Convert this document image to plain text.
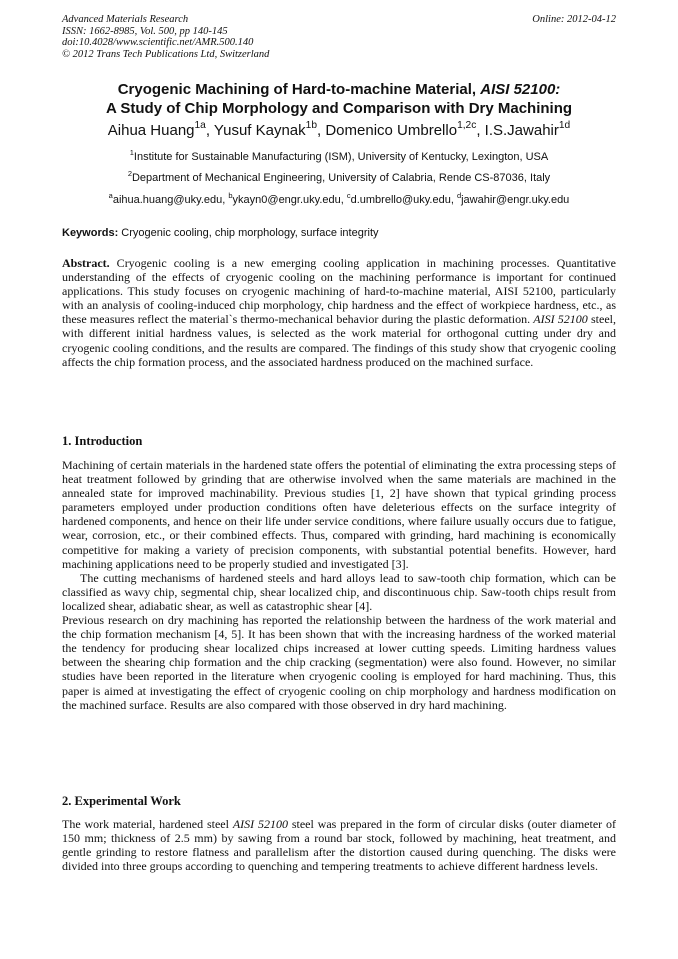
Advanced Materials Research
ISSN: 1662-8985, Vol. 500, pp 140-145
doi:10.4028/www.scientific.net/AMR.500.140
© 2012 Trans Tech Publications Ltd, Switzerland
Online: 2012-04-12
Cryogenic Machining of Hard-to-machine Material, AISI 52100:
A Study of Chip Morphology and Comparison with Dry Machining
Aihua Huang$^{1a}$, Yusuf Kaynak$^{1b}$, Domenico Umbrello$^{1,2c}$, I.S.Jawahir$^{1d}$
$^1$Institute for Sustainable Manufacturing (ISM), University of Kentucky, Lexington, USA
$^2$Department of Mechanical Engineering, University of Calabria, Rende CS-87036, Italy
$^a$aihua.huang@uky.edu, $^b$ykayn0@engr.uky.edu, $^c$d.umbrello@uky.edu, $^d$jawahir@engr.uky.edu
Keywords: Cryogenic cooling, chip morphology, surface integrity

Abstract. Cryogenic cooling is a new emerging cooling application in machining processes. Quantitative understanding of the effects of cryogenic cooling on the machining performance is important for continued applications. This study focuses on cryogenic machining of hard-to-machine material, AISI 52100, particularly with an analysis of cooling-induced chip morphology, chip hardness and the effect of workpiece hardness, etc., as these measures reflect the material`s thermo-mechanical behavior during the plastic deformation. AISI 52100 steel, with different initial hardness values, is selected as the work material for orthogonal cutting under dry and cryogenic cooling conditions, and the results are compared. The findings of this study show that cryogenic cooling affects the chip formation process, and the associated hardness produced on the machined surface.

1. Introduction

Machining of certain materials in the hardened state offers the potential of eliminating the extra processing steps of heat treatment followed by grinding that are otherwise involved when the same materials are machined in the annealed state for improved machinability. Previous studies [1, 2] have shown that typical grinding process parameters employed under production conditions often have deleterious effects on the surface integrity of hardened components, and hence on their life under service conditions, where failure usually occurs due to fatigue, wear, corrosion, etc., or their combined effects. Thus, compared with grinding, hard machining is economically competitive for making a variety of precision components, with substantial potential benefits. However, hard machining applications need to be properly studied and investigated [3].

The cutting mechanisms of hardened steels and hard alloys lead to saw-tooth chip formation, which can be classified as wavy chip, segmental chip, shear localized chip, and discontinuous chip. Saw-tooth chips result from localized shear, adiabatic shear, as well as catastrophic shear [4].

Previous research on dry machining has reported the relationship between the hardness of the work material and the chip formation mechanism [4, 5]. It has been shown that with the increasing hardness of the worked material the tendency for producing shear localized chips increased at lower cutting speeds. Limiting hardness values between the shearing chip formation and the chip cracking (segmentation) were also found. However, no similar studies have been reported in the literature when cryogenic cooling is employed for hard machining. Thus, this paper is aimed at investigating the effect of cryogenic cooling on chip morphology and hardness modification on the machined surface. Results are also compared with those observed in dry hard machining.

2. Experimental Work

The work material, hardened steel AISI 52100 steel was prepared in the form of circular disks (outer diameter of 150 mm; thickness of 2.5 mm) by sawing from a round bar stock, followed by machining, heat treatment, and gentle grinding to restore flatness and parallelism after the distortion caused during quenching. The disks were divided into three groups according to quenching and tempering treatments to achieve different hardness levels.
